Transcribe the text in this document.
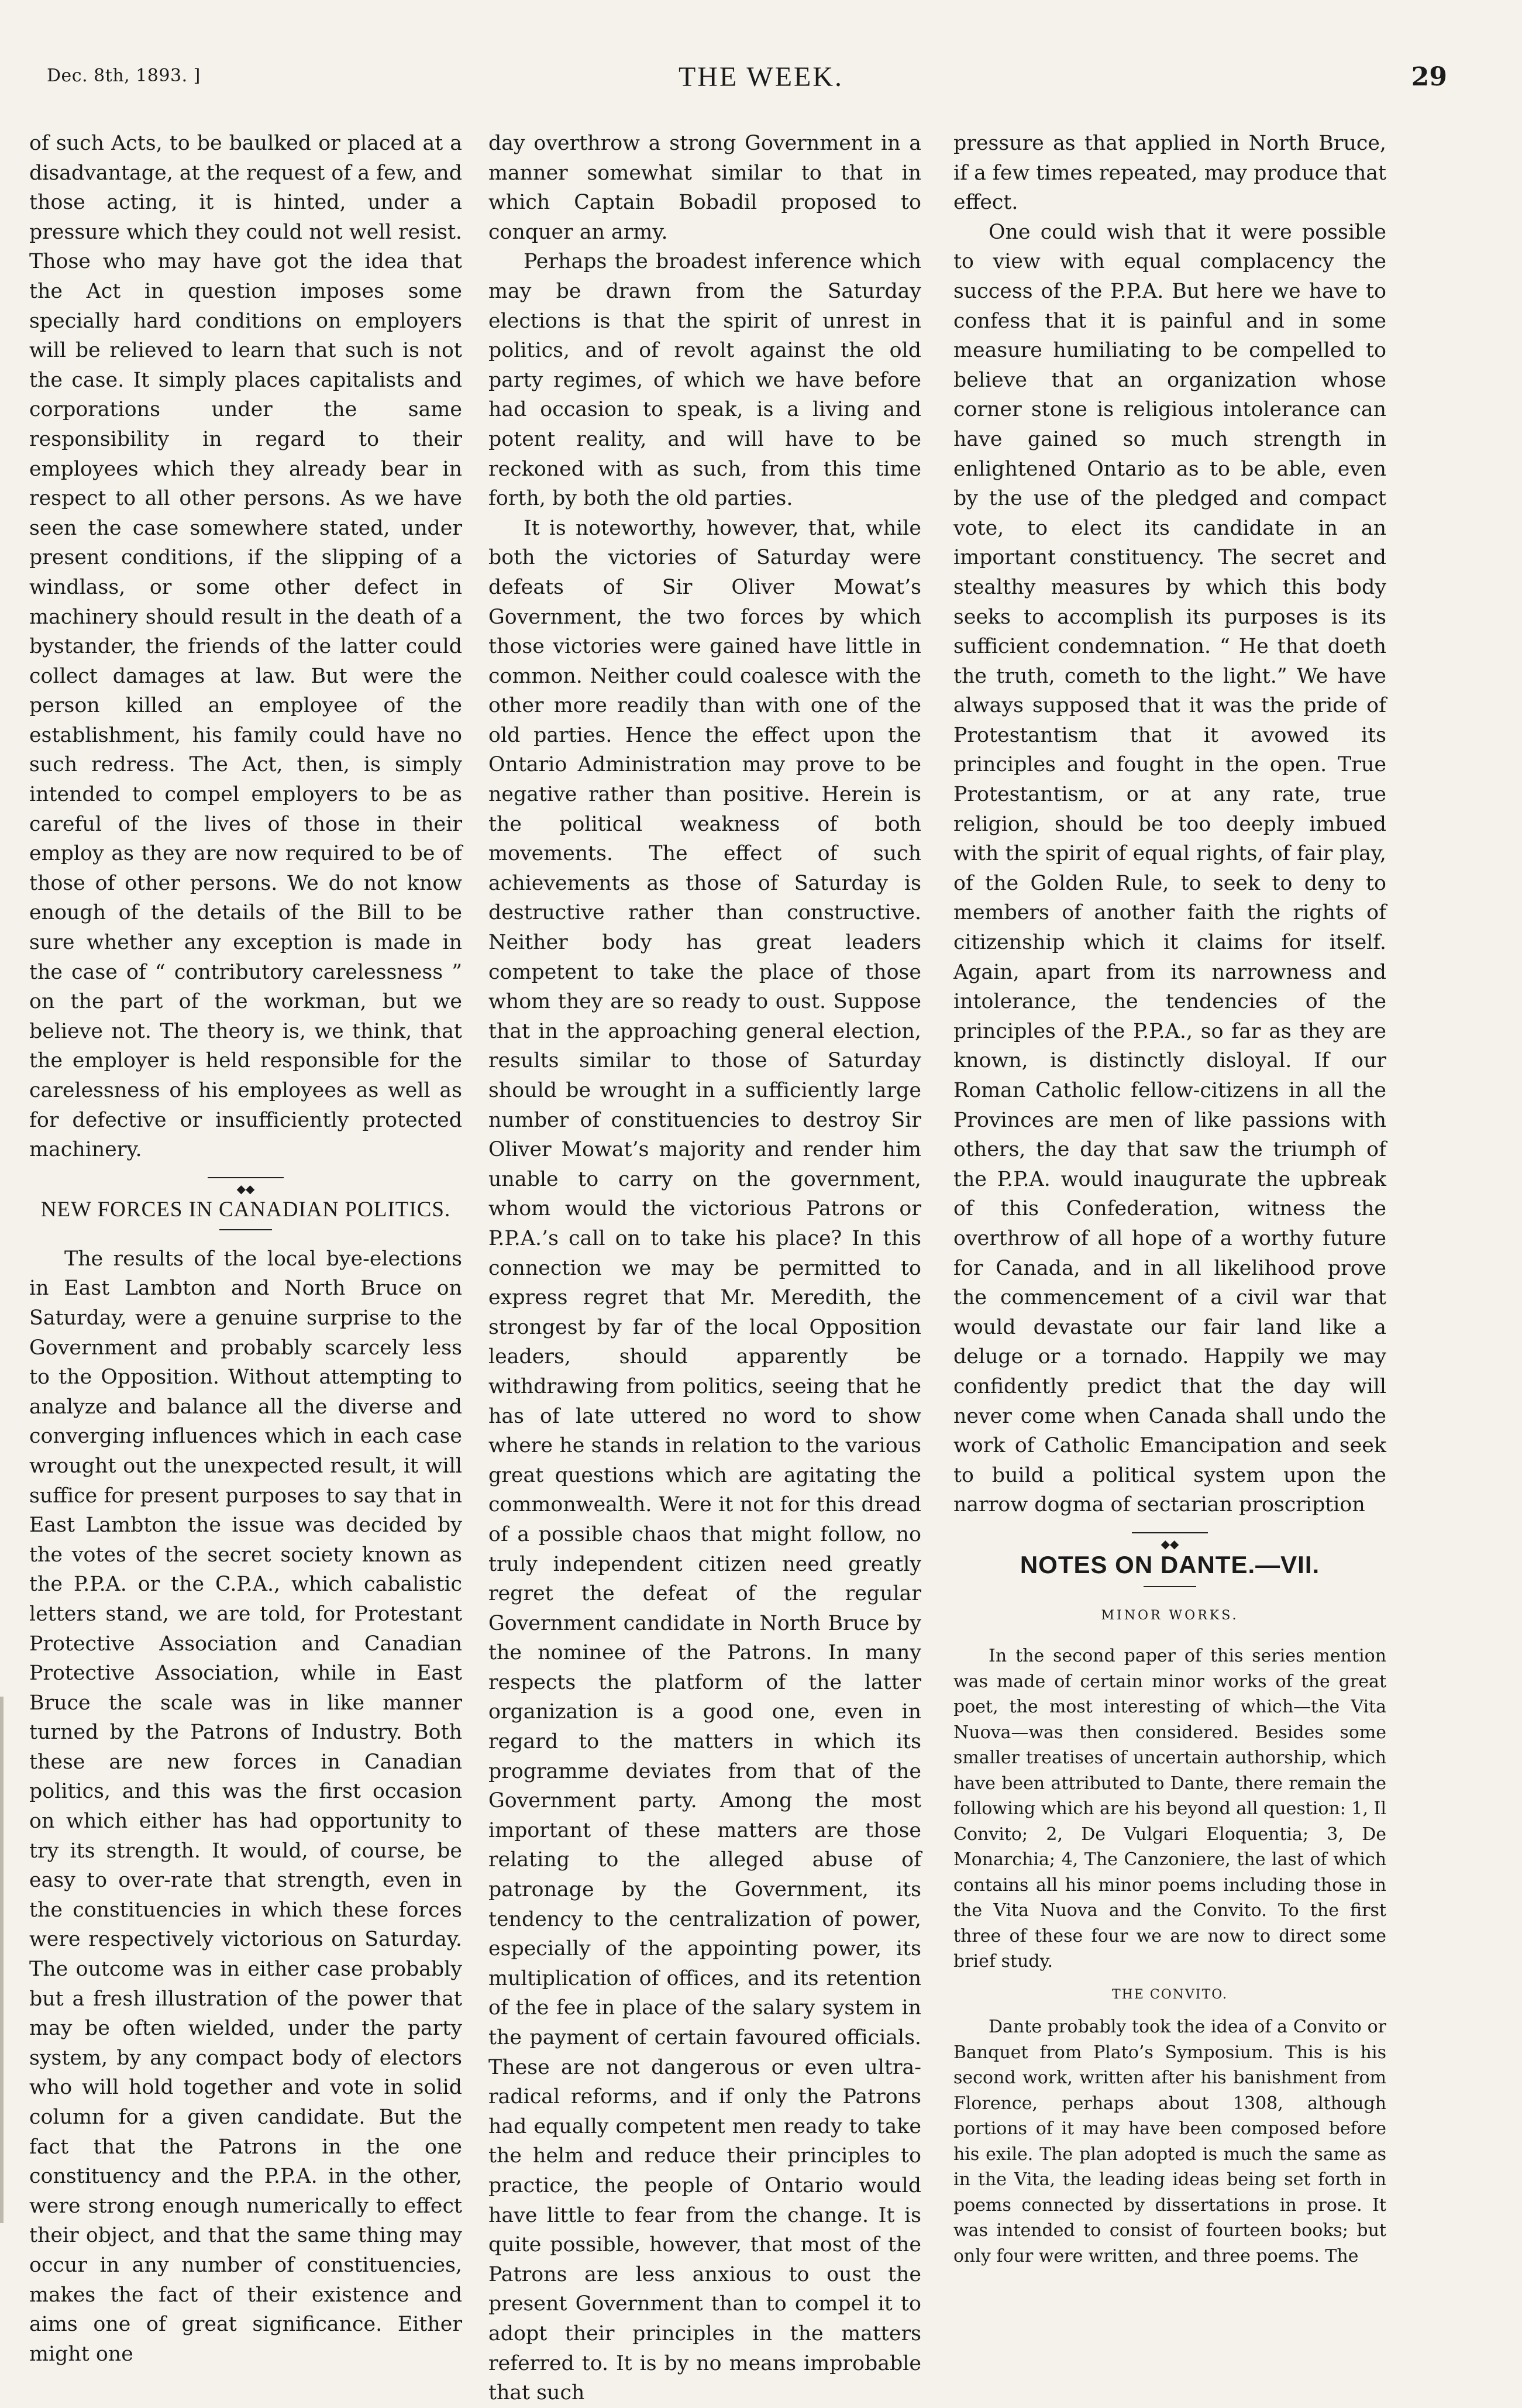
Dec. 8th, 1893. ]	THE WEEK.	29

of such Acts, to be baulked or placed at a disadvantage, at the request of a few, and those acting, it is hinted, under a pressure which they could not well resist. Those who may have got the idea that the Act in question imposes some specially hard conditions on employers will be relieved to learn that such is not the case. It simply places capitalists and corporations under the same responsibility in regard to their employees which they already bear in respect to all other persons. As we have seen the case somewhere stated, under present conditions, if the slipping of a windlass, or some other defect in machinery should result in the death of a bystander, the friends of the latter could collect damages at law. But were the person killed an employee of the establishment, his family could have no such redress. The Act, then, is simply intended to compel employers to be as careful of the lives of those in their employ as they are now required to be of those of other persons. We do not know enough of the details of the Bill to be sure whether any exception is made in the case of “ contributory carelessness ” on the part of the workman, but we believe not. The theory is, we think, that the employer is held responsible for the carelessness of his employees as well as for defective or insufficiently protected machinery.

◆◆
NEW FORCES IN CANADIAN POLITICS.

The results of the local bye-elections in East Lambton and North Bruce on Saturday, were a genuine surprise to the Government and probably scarcely less to the Opposition. Without attempting to analyze and balance all the diverse and converging influences which in each case wrought out the unexpected result, it will suffice for present purposes to say that in East Lambton the issue was decided by the votes of the secret society known as the P.P.A. or the C.P.A., which cabalistic letters stand, we are told, for Protestant Protective Association and Canadian Protective Association, while in East Bruce the scale was in like manner turned by the Patrons of Industry. Both these are new forces in Canadian politics, and this was the first occasion on which either has had opportunity to try its strength. It would, of course, be easy to over-rate that strength, even in the constituencies in which these forces were respectively victorious on Saturday. The outcome was in either case probably but a fresh illustration of the power that may be often wielded, under the party system, by any compact body of electors who will hold together and vote in solid column for a given candidate. But the fact that the Patrons in the one constituency and the P.P.A. in the other, were strong enough numerically to effect their object, and that the same thing may occur in any number of constituencies, makes the fact of their existence and aims one of great significance. Either might one

day overthrow a strong Government in a manner somewhat similar to that in which Captain Bobadil proposed to conquer an army.

Perhaps the broadest inference which may be drawn from the Saturday elections is that the spirit of unrest in politics, and of revolt against the old party regimes, of which we have before had occasion to speak, is a living and potent reality, and will have to be reckoned with as such, from this time forth, by both the old parties.

It is noteworthy, however, that, while both the victories of Saturday were defeats of Sir Oliver Mowat’s Government, the two forces by which those victories were gained have little in common. Neither could coalesce with the other more readily than with one of the old parties. Hence the effect upon the Ontario Administration may prove to be negative rather than positive. Herein is the political weakness of both movements. The effect of such achievements as those of Saturday is destructive rather than constructive. Neither body has great leaders competent to take the place of those whom they are so ready to oust. Suppose that in the approaching general election, results similar to those of Saturday should be wrought in a sufficiently large number of constituencies to destroy Sir Oliver Mowat’s majority and render him unable to carry on the government, whom would the victorious Patrons or P.P.A.’s call on to take his place? In this connection we may be permitted to express regret that Mr. Meredith, the strongest by far of the local Opposition leaders, should apparently be withdrawing from politics, seeing that he has of late uttered no word to show where he stands in relation to the various great questions which are agitating the commonwealth. Were it not for this dread of a possible chaos that might follow, no truly independent citizen need greatly regret the defeat of the regular Government candidate in North Bruce by the nominee of the Patrons. In many respects the platform of the latter organization is a good one, even in regard to the matters in which its programme deviates from that of the Government party. Among the most important of these matters are those relating to the alleged abuse of patronage by the Government, its tendency to the centralization of power, especially of the appointing power, its multiplication of offices, and its retention of the fee in place of the salary system in the payment of certain favoured officials. These are not dangerous or even ultra-radical reforms, and if only the Patrons had equally competent men ready to take the helm and reduce their principles to practice, the people of Ontario would have little to fear from the change. It is quite possible, however, that most of the Patrons are less anxious to oust the present Government than to compel it to adopt their principles in the matters referred to. It is by no means improbable that such

pressure as that applied in North Bruce, if a few times repeated, may produce that effect.

One could wish that it were possible to view with equal complacency the success of the P.P.A. But here we have to confess that it is painful and in some measure humiliating to be compelled to believe that an organization whose corner stone is religious intolerance can have gained so much strength in enlightened Ontario as to be able, even by the use of the pledged and compact vote, to elect its candidate in an important constituency. The secret and stealthy measures by which this body seeks to accomplish its purposes is its sufficient condemnation. “ He that doeth the truth, cometh to the light.” We have always supposed that it was the pride of Protestantism that it avowed its principles and fought in the open. True Protestantism, or at any rate, true religion, should be too deeply imbued with the spirit of equal rights, of fair play, of the Golden Rule, to seek to deny to members of another faith the rights of citizenship which it claims for itself. Again, apart from its narrowness and intolerance, the tendencies of the principles of the P.P.A., so far as they are known, is distinctly disloyal. If our Roman Catholic fellow-citizens in all the Provinces are men of like passions with others, the day that saw the triumph of the P.P.A. would inaugurate the upbreak of this Confederation, witness the overthrow of all hope of a worthy future for Canada, and in all likelihood prove the commencement of a civil war that would devastate our fair land like a deluge or a tornado. Happily we may confidently predict that the day will never come when Canada shall undo the work of Catholic Emancipation and seek to build a political system upon the narrow dogma of sectarian proscription

◆◆
NOTES ON DANTE.—VII.
MINOR WORKS.

In the second paper of this series mention was made of certain minor works of the great poet, the most interesting of which—the Vita Nuova—was then considered. Besides some smaller treatises of uncertain authorship, which have been attributed to Dante, there remain the following which are his beyond all question: 1, Il Convito; 2, De Vulgari Eloquentia; 3, De Monarchia; 4, The Canzoniere, the last of which contains all his minor poems including those in the Vita Nuova and the Convito. To the first three of these four we are now to direct some brief study.

THE CONVITO.

Dante probably took the idea of a Convito or Banquet from Plato’s Symposium. This is his second work, written after his banishment from Florence, perhaps about 1308, although portions of it may have been composed before his exile. The plan adopted is much the same as in the Vita, the leading ideas being set forth in poems connected by dissertations in prose. It was intended to consist of fourteen books; but only four were written, and three poems. The
